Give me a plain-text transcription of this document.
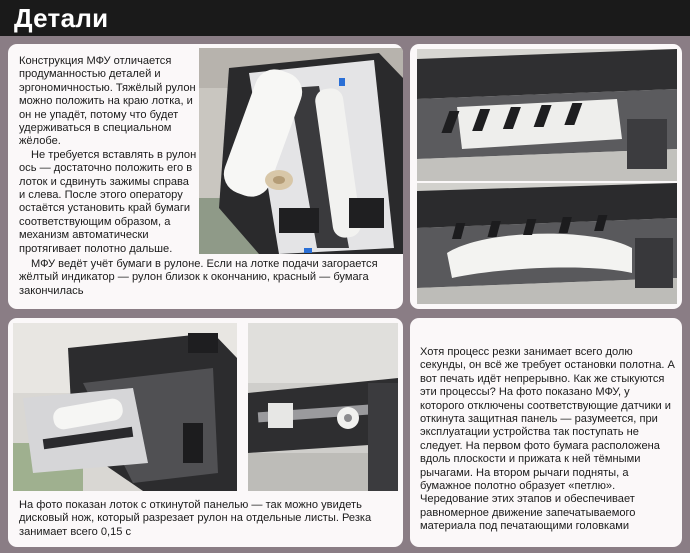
Детали

Конструкция МФУ отличается продуманностью деталей и эргономичностью. Тяжёлый рулон можно положить на краю лотка, и он не упадёт, потому что будет удерживаться в специальном жёлобе.

Не требуется вставлять в рулон ось — достаточно положить его в лоток и сдвинуть зажимы справа и слева. После этого оператору остаётся установить край бумаги соответствующим образом, а механизм автоматически протягивает полотно дальше.

МФУ ведёт учёт бумаги в рулоне. Если на лотке подачи загорается жёлтый индикатор — рулон близок к окончанию, красный — бумага закончилась

На фото показан лоток с откинутой панелью — так можно увидеть дисковый нож, который разрезает рулон на отдельные листы. Резка занимает всего 0,15 с

Хотя процесс резки занимает всего долю секунды, он всё же требует остановки полотна. А вот печать идёт непрерывно. Как же стыкуются эти процессы? На фото показано МФУ, у которого отключены соответствующие датчики и откинута защитная панель — разумеется, при эксплуатации устройства так поступать не следует. На первом фото бумага расположена вдоль плоскости и прижата к ней тёмными рычагами. На втором рычаги подняты, а бумажное полотно образует «петлю». Чередование этих этапов и обеспечивает равномерное движение запечатываемого материала под печатающими головками
